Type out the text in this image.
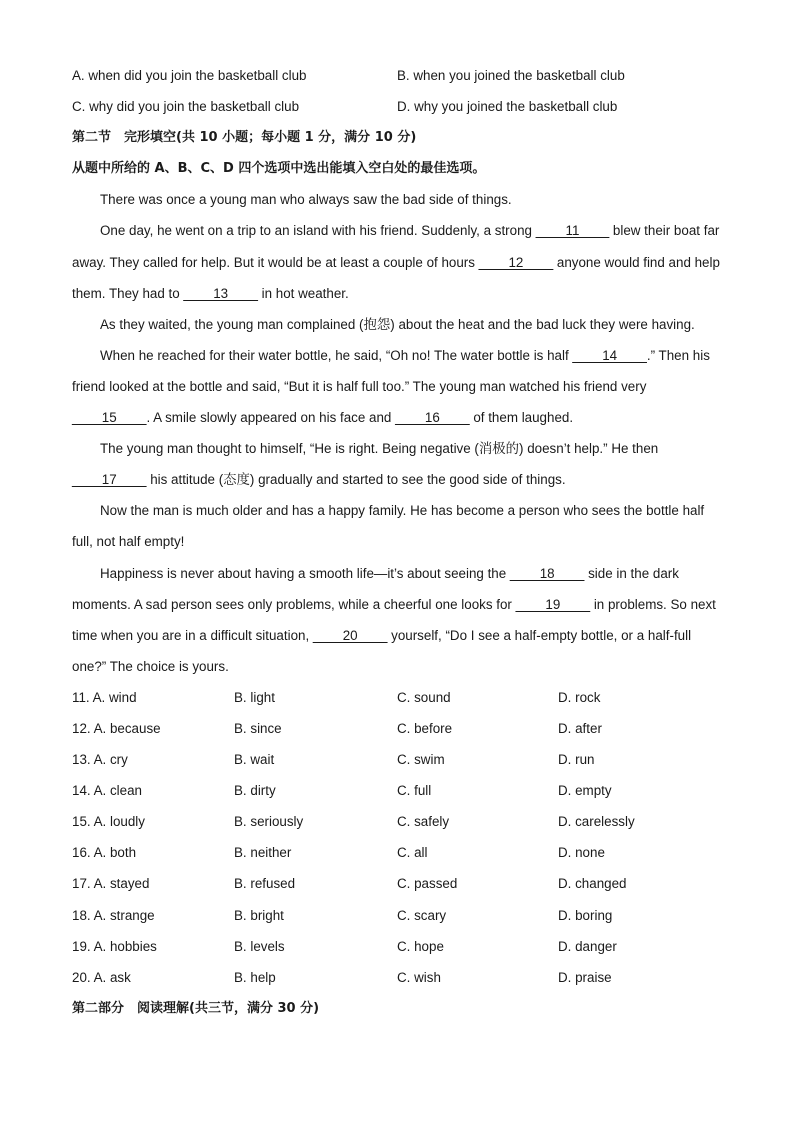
A. when did you join the basketball club	B. when you joined the basketball club
C. why did you join the basketball club	D. why you joined the basketball club
第二节　完形填空(共 10 小题；每小题 1 分，满分 10 分)
从题中所给的 A、B、C、D 四个选项中选出能填入空白处的最佳选项。
There was once a young man who always saw the bad side of things.
One day, he went on a trip to an island with his friend. Suddenly, a strong ____11____ blew their boat far
away. They called for help. But it would be at least a couple of hours ____12____ anyone would find and help
them. They had to ____13____ in hot weather.
As they waited, the young man complained (抱怨) about the heat and the bad luck they were having.
When he reached for their water bottle, he said, “Oh no! The water bottle is half ____14____.” Then his
friend looked at the bottle and said, “But it is half full too.” The young man watched his friend very
____15____. A smile slowly appeared on his face and ____16____ of them laughed.
The young man thought to himself, “He is right. Being negative (消极的) doesn’t help.” He then
____17____ his attitude (态度) gradually and started to see the good side of things.
Now the man is much older and has a happy family. He has become a person who sees the bottle half
full, not half empty!
Happiness is never about having a smooth life—it’s about seeing the ____18____ side in the dark
moments. A sad person sees only problems, while a cheerful one looks for ____19____ in problems. So next
time when you are in a difficult situation, ____20____ yourself, “Do I see a half-empty bottle, or a half-full
one?” The choice is yours.
11. A. wind	B. light	C. sound	D. rock
12. A. because	B. since	C. before	D. after
13. A. cry	B. wait	C. swim	D. run
14. A. clean	B. dirty	C. full	D. empty
15. A. loudly	B. seriously	C. safely	D. carelessly
16. A. both	B. neither	C. all	D. none
17. A. stayed	B. refused	C. passed	D. changed
18. A. strange	B. bright	C. scary	D. boring
19. A. hobbies	B. levels	C. hope	D. danger
20. A. ask	B. help	C. wish	D. praise
第二部分　阅读理解(共三节，满分 30 分)
